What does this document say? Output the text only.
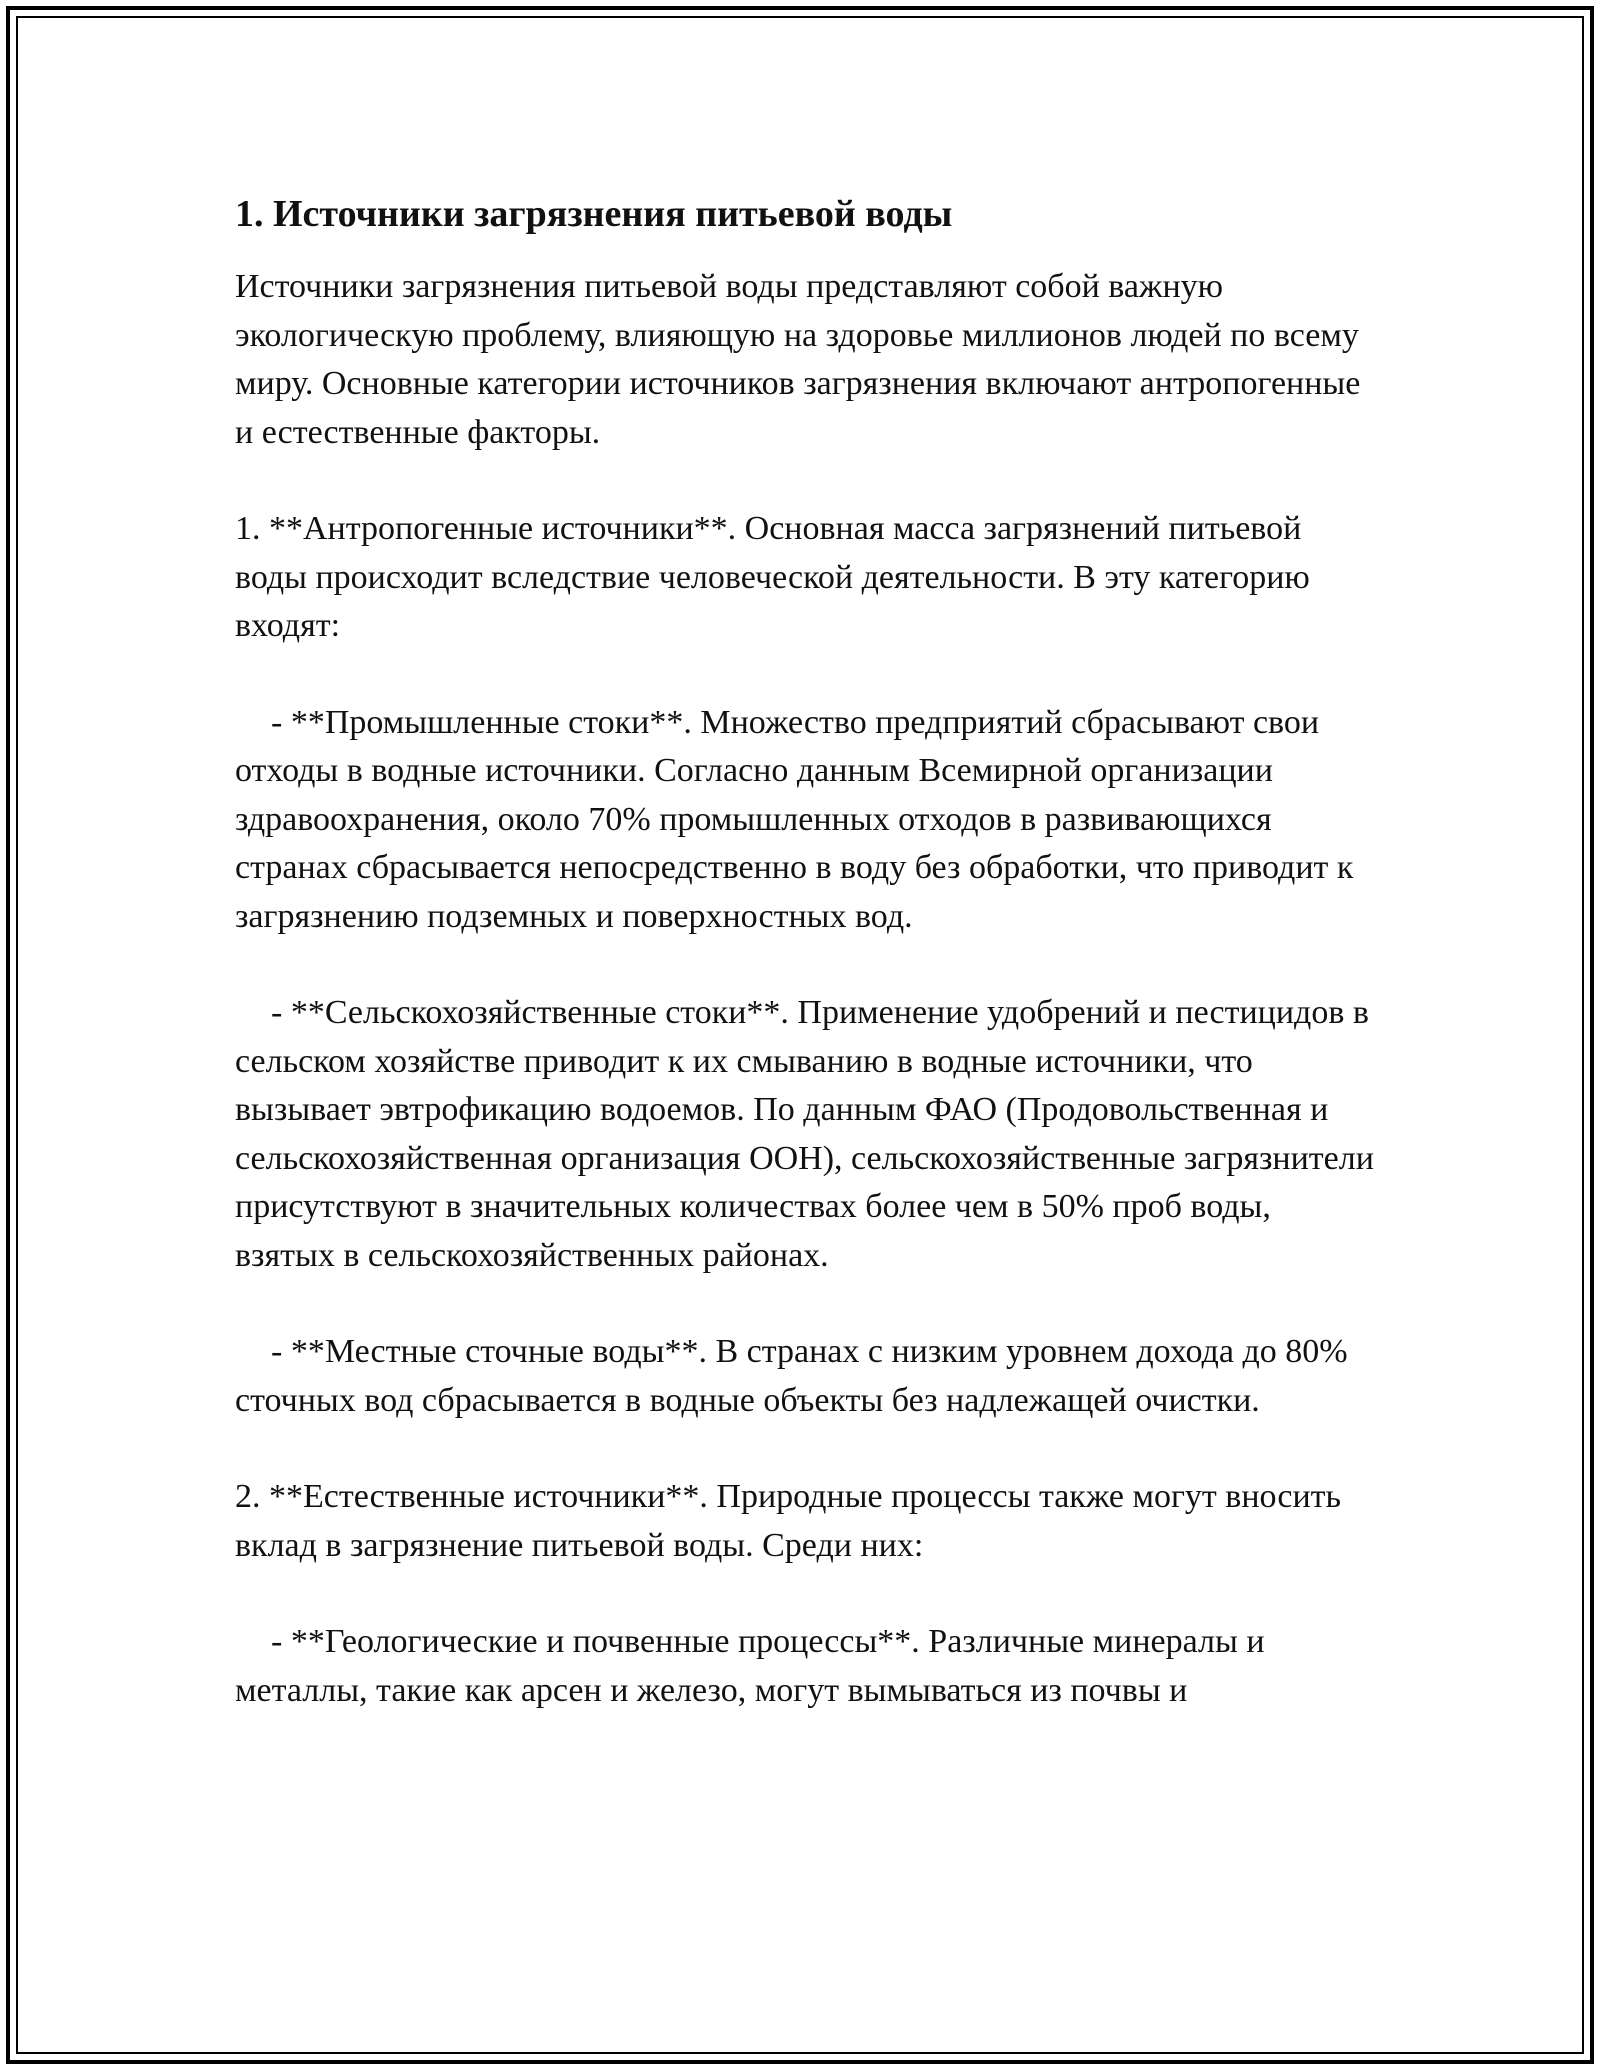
1. Источники загрязнения питьевой воды

Источники загрязнения питьевой воды представляют собой важную экологическую проблему, влияющую на здоровье миллионов людей по всему миру. Основные категории источников загрязнения включают антропогенные и естественные факторы.

1. **Антропогенные источники**. Основная масса загрязнений питьевой воды происходит вследствие человеческой деятельности. В эту категорию входят:

- **Промышленные стоки**. Множество предприятий сбрасывают свои отходы в водные источники. Согласно данным Всемирной организации здравоохранения, около 70% промышленных отходов в развивающихся странах сбрасывается непосредственно в воду без обработки, что приводит к загрязнению подземных и поверхностных вод.

- **Сельскохозяйственные стоки**. Применение удобрений и пестицидов в сельском хозяйстве приводит к их смыванию в водные источники, что вызывает эвтрофикацию водоемов. По данным ФАО (Продовольственная и сельскохозяйственная организация ООН), сельскохозяйственные загрязнители присутствуют в значительных количествах более чем в 50% проб воды, взятых в сельскохозяйственных районах.

- **Местные сточные воды**. В странах с низким уровнем дохода до 80% сточных вод сбрасывается в водные объекты без надлежащей очистки.

2. **Естественные источники**. Природные процессы также могут вносить вклад в загрязнение питьевой воды. Среди них:

- **Геологические и почвенные процессы**. Различные минералы и металлы, такие как арсен и железо, могут вымываться из почвы и
